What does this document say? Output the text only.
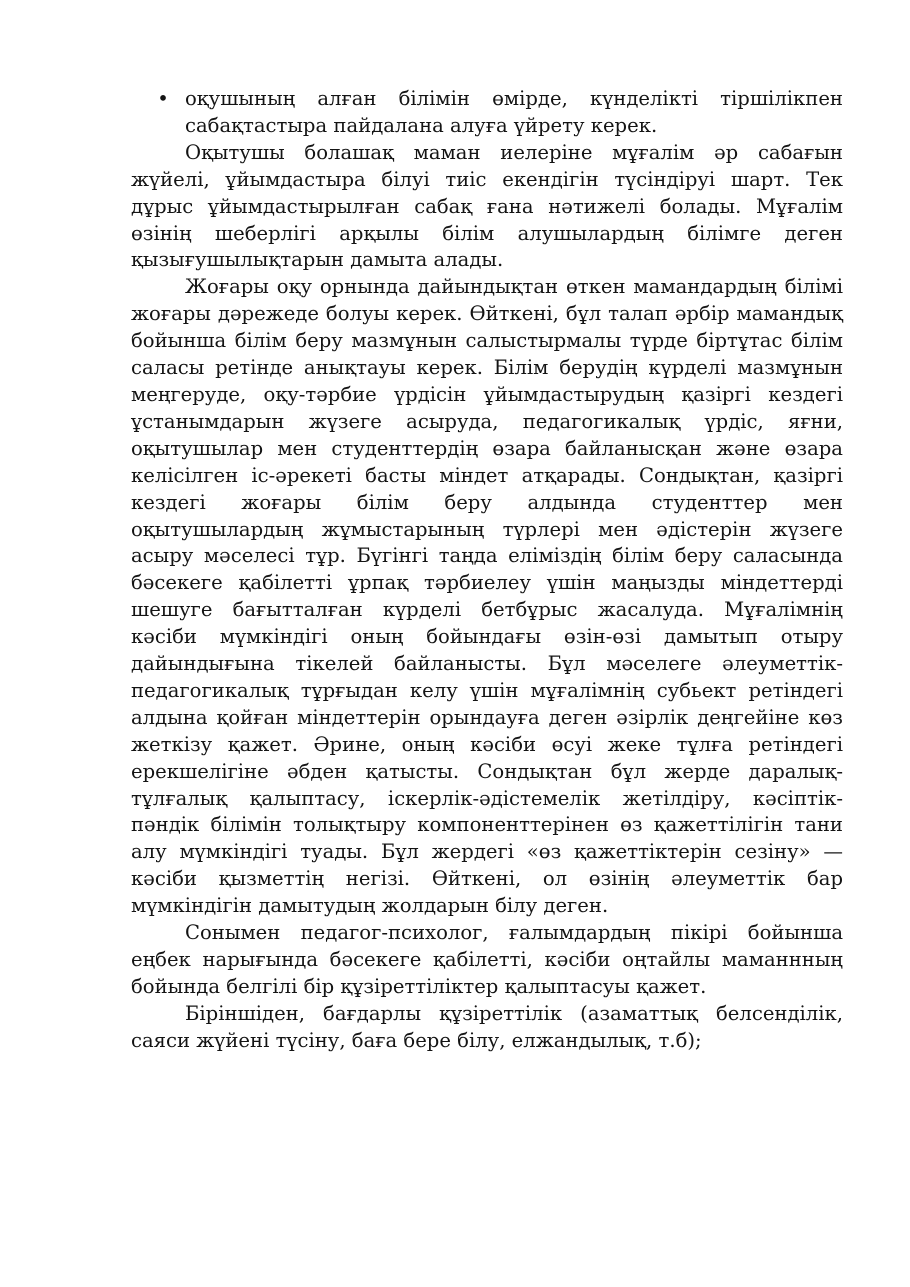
• оқушының алған білімін өмірде, күнделікті тіршілікпен сабақтастыра пайдалана алуға үйрету керек.

Оқытушы болашақ маман иелеріне мұғалім әр сабағын жүйелі, ұйымдастыра білуі тиіс екендігін түсіндіруі шарт. Тек дұрыс ұйымдастырылған сабақ ғана нәтижелі болады. Мұғалім өзінің шеберлігі арқылы білім алушылардың білімге деген қызығушылықтарын дамыта алады.

Жоғары оқу орнында дайындықтан өткен мамандардың білімі жоғары дәрежеде болуы керек. Өйткені, бұл талап әрбір мамандық бойынша білім беру мазмұнын салыстырмалы түрде біртұтас білім саласы ретінде анықтауы керек. Білім берудің күрделі мазмұнын меңгеруде, оқу-тәрбие үрдісін ұйымдастырудың қазіргі кездегі ұстанымдарын жүзеге асыруда, педагогикалық үрдіс, яғни, оқытушылар мен студенттердің өзара байланысқан және өзара келісілген іс-әрекеті басты міндет атқарады. Сондықтан, қазіргі кездегі жоғары білім беру алдында студенттер мен оқытушылардың жұмыстарының түрлері мен әдістерін жүзеге асыру мәселесі тұр. Бүгінгі таңда еліміздің білім беру саласында бәсекеге қабілетті ұрпақ тәрбиелеу үшін маңызды міндеттерді шешуге бағытталған күрделі бетбұрыс жасалуда. Мұғалімнің кәсіби мүмкіндігі оның бойындағы өзін-өзі дамытып отыру дайындығына тікелей байланысты. Бұл мәселеге әлеуметтік-педагогикалық тұрғыдан келу үшін мұғалімнің субьект ретіндегі алдына қойған міндеттерін орындауға деген әзірлік деңгейіне көз жеткізу қажет. Әрине, оның кәсіби өсуі жеке тұлға ретіндегі ерекшелігіне әбден қатысты. Сондықтан бұл жерде даралық-тұлғалық қалыптасу, іскерлік-әдістемелік жетілдіру, кәсіптік-пәндік білімін толықтыру компоненттерінен өз қажеттілігін тани алу мүмкіндігі туады. Бұл жердегі «өз қажеттіктерін сезіну» — кәсіби қызметтің негізі. Өйткені, ол өзінің әлеуметтік бар мүмкіндігін дамытудың жолдарын білу деген.

Сонымен педагог-психолог, ғалымдардың пікірі бойынша еңбек нарығында бәсекеге қабілетті, кәсіби оңтайлы маманнның бойында белгілі бір құзіреттіліктер қалыптасуы қажет.

Біріншіден, бағдарлы құзіреттілік (азаматтық белсенділік, саяси жүйені түсіну, баға бере білу, елжандылық, т.б);
